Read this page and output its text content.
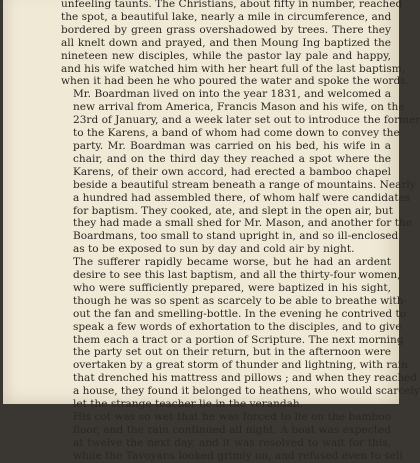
unfeeling taunts. The Christians, about fifty in number, reached
the spot, a beautiful lake, nearly a mile in circumference, and
bordered by green grass overshadowed by trees. There they
all knelt down and prayed, and then Moung Ing baptized the
nineteen new disciples, while the pastor lay pale and happy,
and his wife watched him with her heart full of the last baptism,
when it had been he who poured the water and spoke the words.

Mr. Boardman lived on into the year 1831, and welcomed a
new arrival from America, Francis Mason and his wife, on the
23rd of January, and a week later set out to introduce the former
to the Karens, a band of whom had come down to convey the
party. Mr. Boardman was carried on his bed, his wife in a
chair, and on the third day they reached a spot where the
Karens, of their own accord, had erected a bamboo chapel
beside a beautiful stream beneath a range of mountains. Nearly
a hundred had assembled there, of whom half were candidates
for baptism. They cooked, ate, and slept in the open air, but
they had made a small shed for Mr. Mason, and another for the
Boardmans, too small to stand upright in, and so ill-enclosed
as to be exposed to sun by day and cold air by night.

The sufferer rapidly became worse, but he had an ardent
desire to see this last baptism, and all the thirty-four women,
who were sufficiently prepared, were baptized in his sight,
though he was so spent as scarcely to be able to breathe with-
out the fan and smelling-bottle. In the evening he contrived to
speak a few words of exhortation to the disciples, and to give
them each a tract or a portion of Scripture. The next morning
the party set out on their return, but in the afternoon were
overtaken by a great storm of thunder and lightning, with rain
that drenched his mattress and pillows ; and when they reached
a house, they found it belonged to heathens, who would scarcely
let the strange teacher lie in the verandah.

His cot was so wet that he was forced to lie on the bamboo
floor, and the rain continued all night. A boat was expected
at twelve the next day, and it was resolved to wait for this,
while the Tavoyans looked grimly on, and refused even to sell
